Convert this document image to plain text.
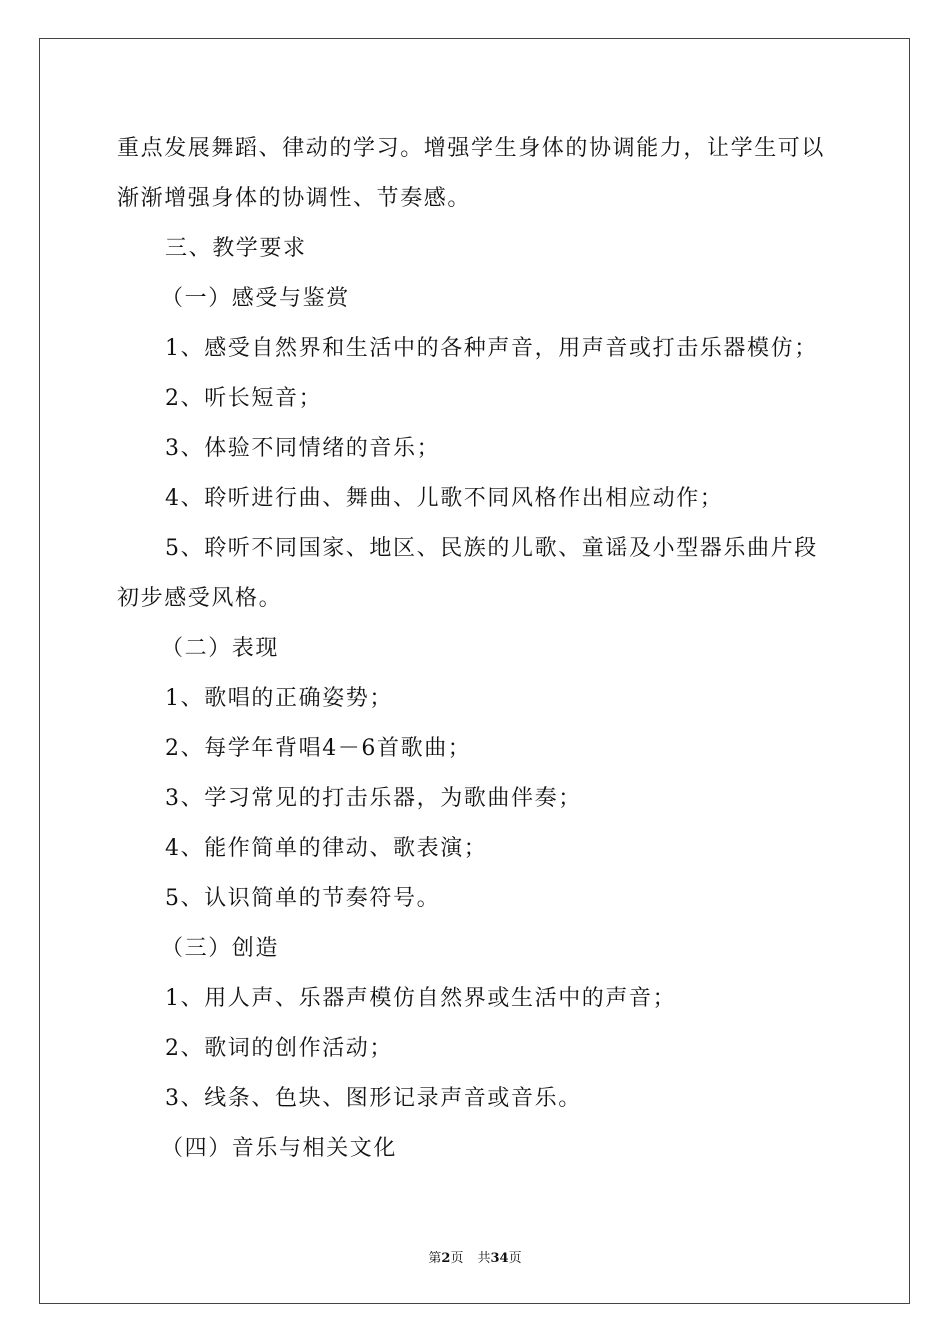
重点发展舞蹈、律动的学习。增强学生身体的协调能力，让学生可以
渐渐增强身体的协调性、节奏感。
三、教学要求
（一）感受与鉴赏
1、感受自然界和生活中的各种声音，用声音或打击乐器模仿；
2、听长短音；
3、体验不同情绪的音乐；
4、聆听进行曲、舞曲、儿歌不同风格作出相应动作；
5、聆听不同国家、地区、民族的儿歌、童谣及小型器乐曲片段
初步感受风格。
（二）表现
1、歌唱的正确姿势；
2、每学年背唱4－6首歌曲；
3、学习常见的打击乐器，为歌曲伴奏；
4、能作简单的律动、歌表演；
5、认识简单的节奏符号。
（三）创造
1、用人声、乐器声模仿自然界或生活中的声音；
2、歌词的创作活动；
3、线条、色块、图形记录声音或音乐。
（四）音乐与相关文化
第2页 共34页
